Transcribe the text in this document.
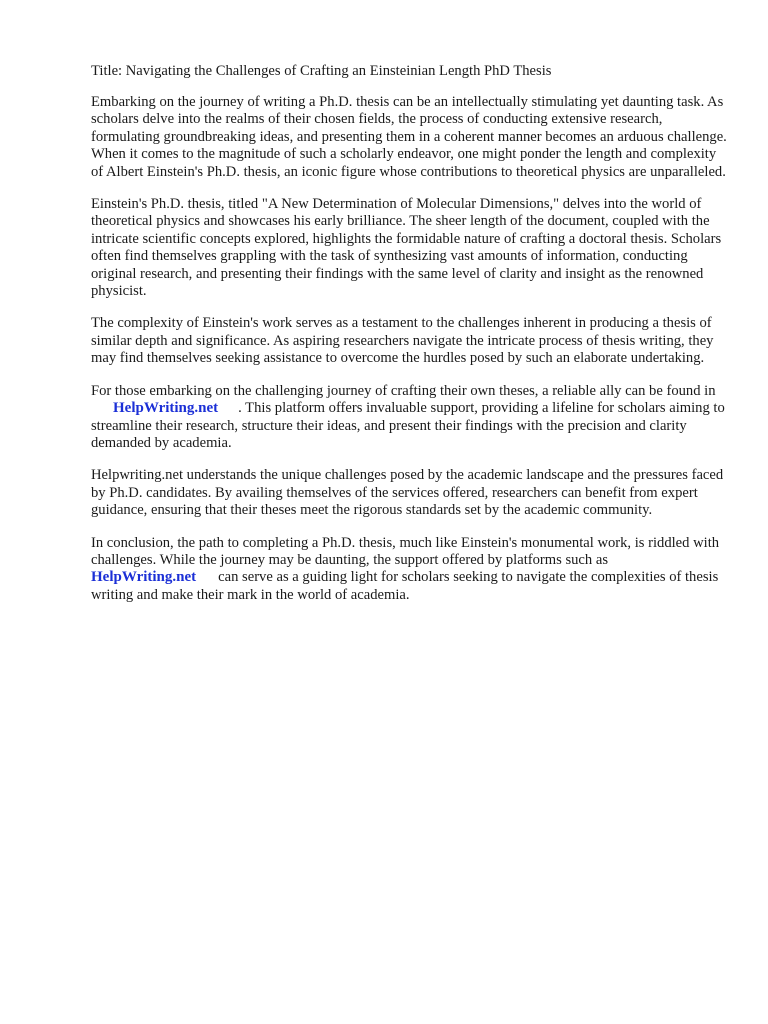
Title: Navigating the Challenges of Crafting an Einsteinian Length PhD Thesis

Embarking on the journey of writing a Ph.D. thesis can be an intellectually stimulating yet daunting task. As scholars delve into the realms of their chosen fields, the process of conducting extensive research, formulating groundbreaking ideas, and presenting them in a coherent manner becomes an arduous challenge. When it comes to the magnitude of such a scholarly endeavor, one might ponder the length and complexity of Albert Einstein's Ph.D. thesis, an iconic figure whose contributions to theoretical physics are unparalleled.

Einstein's Ph.D. thesis, titled "A New Determination of Molecular Dimensions," delves into the world of theoretical physics and showcases his early brilliance. The sheer length of the document, coupled with the intricate scientific concepts explored, highlights the formidable nature of crafting a doctoral thesis. Scholars often find themselves grappling with the task of synthesizing vast amounts of information, conducting original research, and presenting their findings with the same level of clarity and insight as the renowned physicist.

The complexity of Einstein's work serves as a testament to the challenges inherent in producing a thesis of similar depth and significance. As aspiring researchers navigate the intricate process of thesis writing, they may find themselves seeking assistance to overcome the hurdles posed by such an elaborate undertaking.

For those embarking on the challenging journey of crafting their own theses, a reliable ally can be found inHelpWriting.net . This platform offers invaluable support, providing a lifeline for scholars aiming to streamline their research, structure their ideas, and present their findings with the precision and clarity demanded by academia.

Helpwriting.net understands the unique challenges posed by the academic landscape and the pressures faced by Ph.D. candidates. By availing themselves of the services offered, researchers can benefit from expert guidance, ensuring that their theses meet the rigorous standards set by the academic community.

In conclusion, the path to completing a Ph.D. thesis, much like Einstein's monumental work, is riddled with challenges. While the journey may be daunting, the support offered by platforms such asHelpWriting.net can serve as a guiding light for scholars seeking to navigate the complexities of thesis writing and make their mark in the world of academia.
